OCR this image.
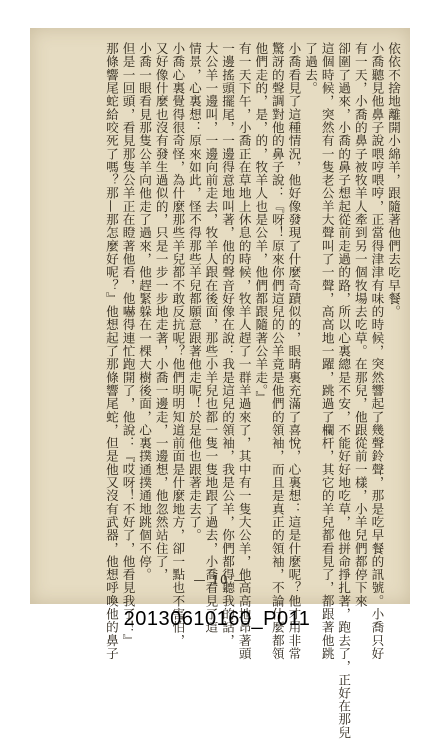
依依不捨地離開小綿羊，跟隨著他們去吃早餐。
小喬聽見他鼻子說喂哼喂哼，正當得津津有味的時候，突然響起了幾聲鈴聲，那是吃早餐的訊號。小喬只好
有一天，小喬的鼻子被牧羊人牽到另一個牧場去吃草。在那兒，他跟從前一樣，小羊兒們都停下來
卻圍了過來，小喬的鼻子想起從前走過的路，所以心裏總是不安，不能好好地吃草，他拼命掙扎著，跑去了，正好在那兒
這個時候，突然有一隻老公羊大聲叫了一聲，高高地一躍，跳過了欄杆，其它的羊兒都看見了，都跟著他跳
了過去。
小喬看見了這種情況，他好像發現了什麼奇蹟似的，眼睛裏充滿了喜悅，心裏想：這是什麼呢？他才用非常
驚訝的聲調對他的鼻子說：『呀！原來你們這兒的公羊竟是他們的領袖，而且是真正的領袖，不論什麼都領
他們走的，是，的，牧羊人也是公羊，他們都跟隨著公羊走。』
有一天下午，小喬正在草地上休息的時候，牧羊人趕了一群羊過來了，其中有一隻大公羊，他高高地昂著頭
一邊搖頭擺尾，一邊得意地叫著，他的聲音好像在說：我是這兒的領袖，我是公羊，你們都得聽我的話，
大公羊一邊叫，一邊向前走去，牧羊人跟在後面，那些小羊兒也都一隻一隻地跟了過去，小喬看見了這
情景，心裏想：原來如此，怪不得那些羊兒都願意跟著他走呢！於是他也跟著走去了。
小喬心裏覺得很奇怪，為什麼那些羊兒都不敢反抗呢？他們明明知道前面是什麼地方，卻一點也不害怕，
又好像什麼也沒有發生過似的，只是一步一步地走著，小喬一邊走，一邊想，他忽然站住了，
小喬一眼看見那隻公羊向他走了過來，他趕緊躲在一棵大樹後面，心裏撲通撲通地跳個不停。
但是一回頭，看見那隻公羊正在瞪著他看，他嚇得連忙跑開了，他說：『哎呀！不好了，他看見我了！』
那條響尾蛇給咬死了嗎？那—那怎麼好呢？』他想起了那條響尾蛇，但是他又沒有武器，他想呼喚他的鼻子	— 10 —
20130610160_P011
